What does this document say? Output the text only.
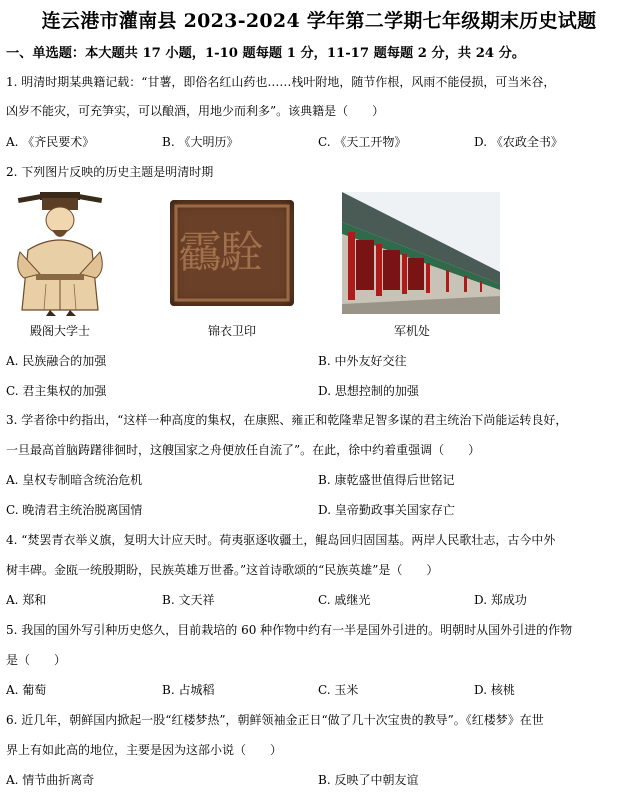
连云港市灌南县 2023-2024 学年第二学期七年级期末历史试题
一、单选题：本大题共 17 小题，1-10 题每题 1 分，11-17 题每题 2 分，共 24 分。
1. 明清时期某典籍记载：“甘薯，即俗名红山药也……栈叶附地，随节作根，风雨不能侵损，可当米谷，
凶岁不能灾，可充笋实，可以酿酒，用地少而利多”。该典籍是（　　）
A. 《齐民要术》	B. 《大明历》	C. 《天工开物》	D. 《农政全书》
2. 下列图片反映的历史主题是明清时期
靏駩
殿阁大学士	锦衣卫印	军机处
A. 民族融合的加强	B. 中外友好交往
C. 君主集权的加强	D. 思想控制的加强
3. 学者徐中约指出，“这样一种高度的集权，在康熙、雍正和乾隆辈足智多谋的君主统治下尚能运转良好，
一旦最高首脑踌躇徘徊时，这艘国家之舟便放任自流了”。在此，徐中约着重强调（　　）
A. 皇权专制暗含统治危机	B. 康乾盛世值得后世铭记
C. 晚清君主统治脱离国情	D. 皇帝勤政事关国家存亡
4. “焚罢青衣举义旗，复明大计应天时。荷夷驱逐收疆土，鲲岛回归固国基。两岸人民歌壮志，古今中外
树丰碑。金瓯一统殷期盼，民族英雄万世番。”这首诗歌颂的“民族英雄”是（　　）
A. 郑和	B. 文天祥	C. 戚继光	D. 郑成功
5. 我国的国外写引种历史悠久，目前栽培的 60 种作物中约有一半是国外引进的。明朝时从国外引进的作物
是（　　）
A. 葡萄	B. 占城稻	C. 玉米	D. 核桃
6. 近几年，朝鲜国内掀起一股“红楼梦热”，朝鲜领袖金正日“做了几十次宝贵的教导”。《红楼梦》在世
界上有如此高的地位，主要是因为这部小说（　　）
A. 情节曲折离奇	B. 反映了中朝友谊
